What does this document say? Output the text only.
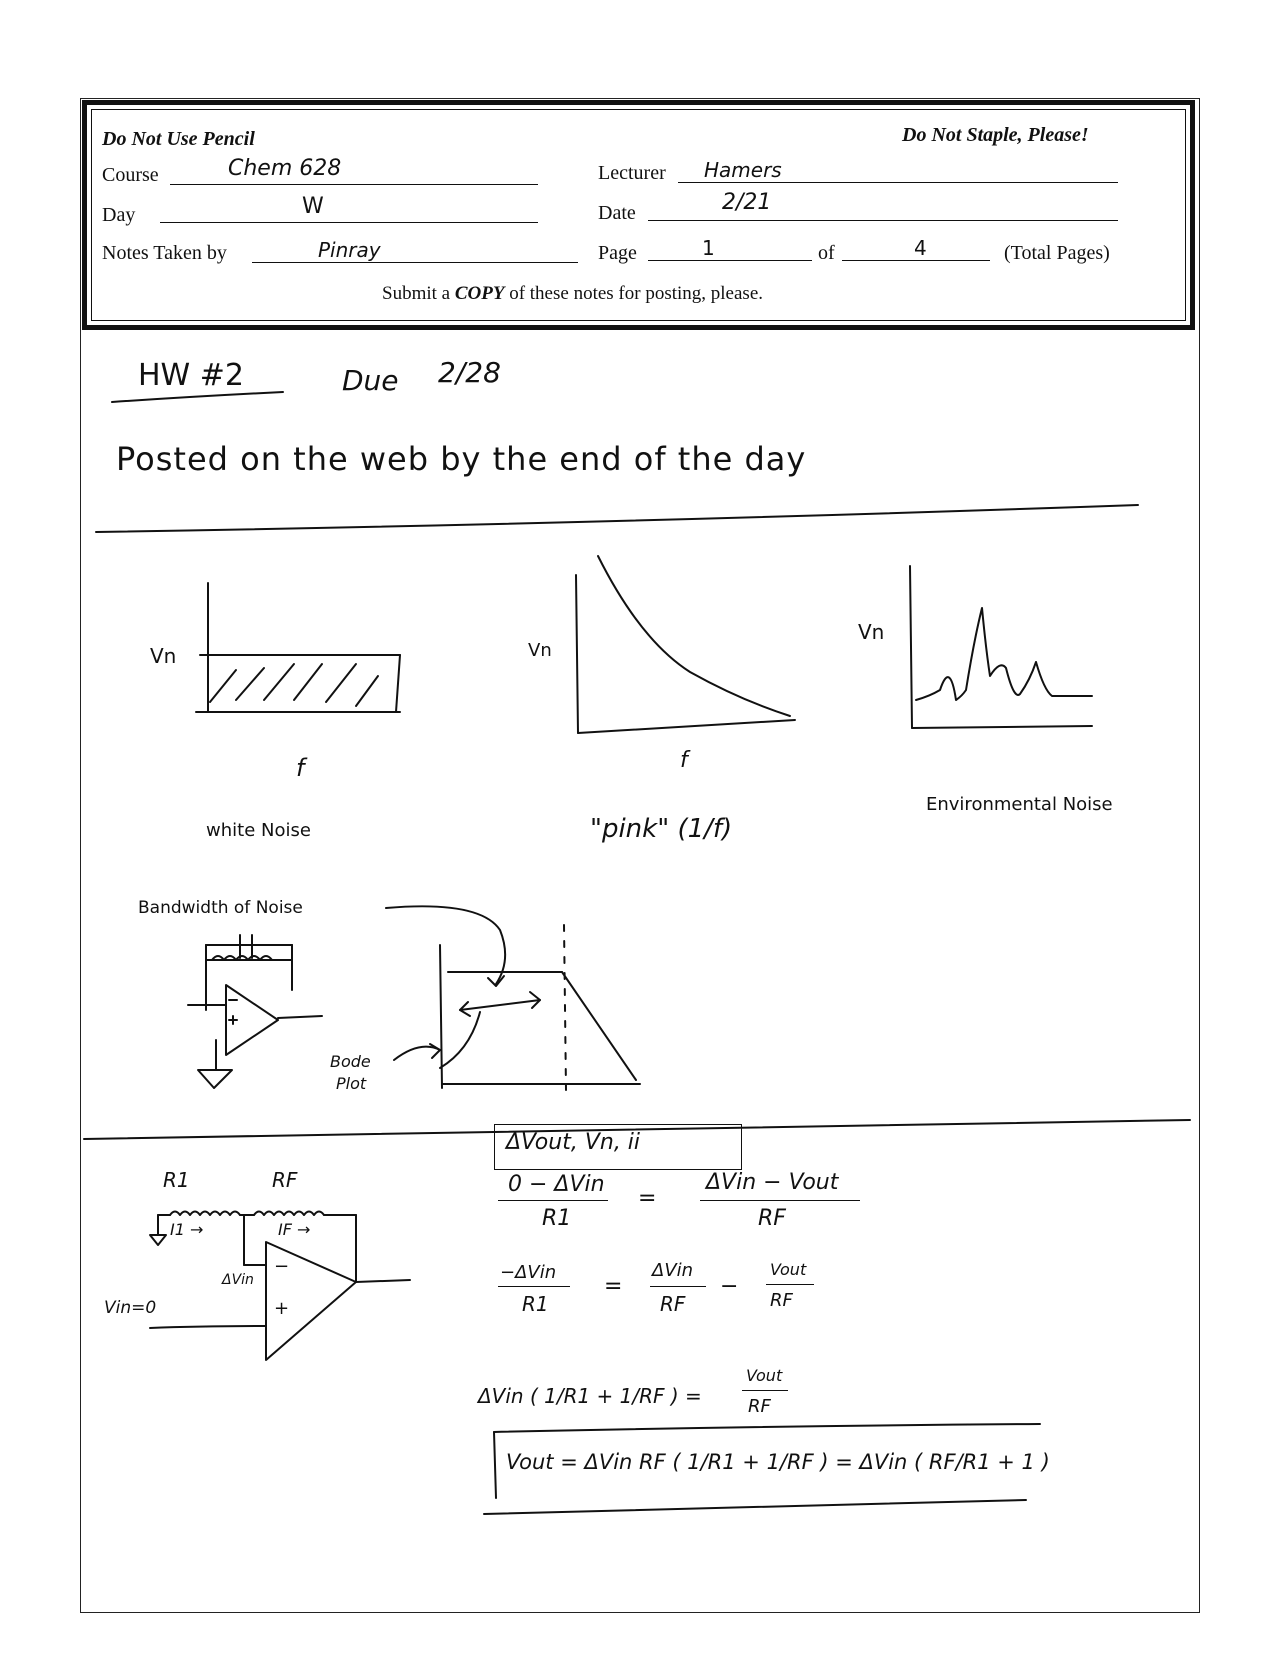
Do Not Use Pencil	Do Not Staple, Please!
Course	Chem 628	Lecturer Hamers
Day	W	Date	2/21
Notes Taken by	Pinray	Page	1	of	4	(Total Pages)
Submit a COPY of these notes for posting, please.
HW #2	Due 2/28
Posted on the web by the end of the day
Vn
f
white Noise
Vn
f
"pink" (1/f)
Vn
Environmental Noise
Bandwidth of Noise
Bode
Plot
R1	RF
I1 →	IF →
ΔVin
Vin=0
−
+
ΔVout, Vn, ii
0 − ΔVin
R1
=
ΔVin − Vout
RF
−ΔVin
R1
=
ΔVin
RF
−
Vout
RF
ΔVin ( 1/R1 + 1/RF ) =
Vout
RF
Vout = ΔVin RF ( 1/R1 + 1/RF ) = ΔVin ( RF/R1 + 1 )
